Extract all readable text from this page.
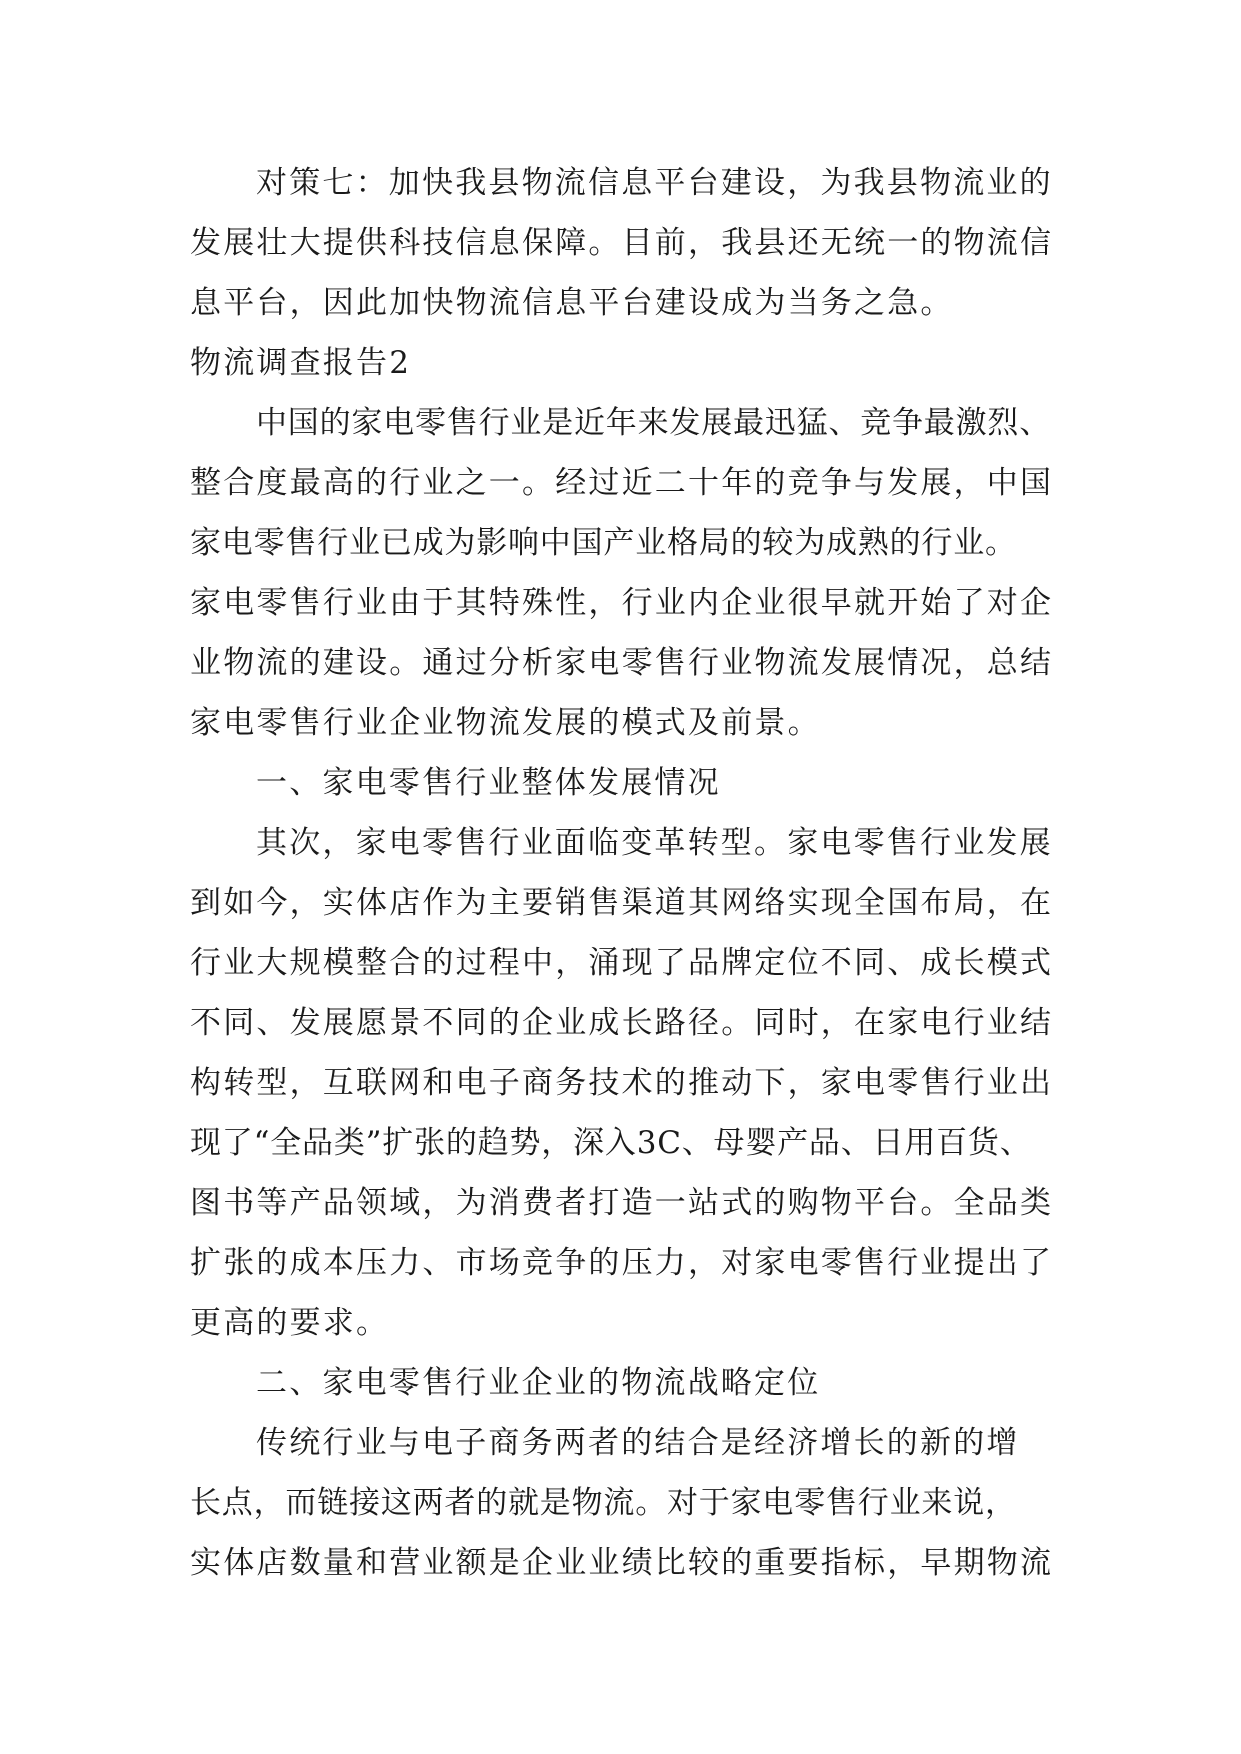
对策七：加快我县物流信息平台建设，为我县物流业的

发展壮大提供科技信息保障。目前，我县还无统一的物流信

息平台，因此加快物流信息平台建设成为当务之急。

物流调查报告2

中国的家电零售行业是近年来发展最迅猛、竞争最激烈、

整合度最高的行业之一。经过近二十年的竞争与发展，中国

家电零售行业已成为影响中国产业格局的较为成熟的行业。

家电零售行业由于其特殊性，行业内企业很早就开始了对企

业物流的建设。通过分析家电零售行业物流发展情况，总结

家电零售行业企业物流发展的模式及前景。

一、家电零售行业整体发展情况

其次，家电零售行业面临变革转型。家电零售行业发展

到如今，实体店作为主要销售渠道其网络实现全国布局，在

行业大规模整合的过程中，涌现了品牌定位不同、成长模式

不同、发展愿景不同的企业成长路径。同时，在家电行业结

构转型，互联网和电子商务技术的推动下，家电零售行业出

现了“全品类”扩张的趋势，深入3C、母婴产品、日用百货、

图书等产品领域，为消费者打造一站式的购物平台。全品类

扩张的成本压力、市场竞争的压力，对家电零售行业提出了

更高的要求。

二、家电零售行业企业的物流战略定位

传统行业与电子商务两者的结合是经济增长的新的增

长点，而链接这两者的就是物流。对于家电零售行业来说，

实体店数量和营业额是企业业绩比较的重要指标，早期物流
